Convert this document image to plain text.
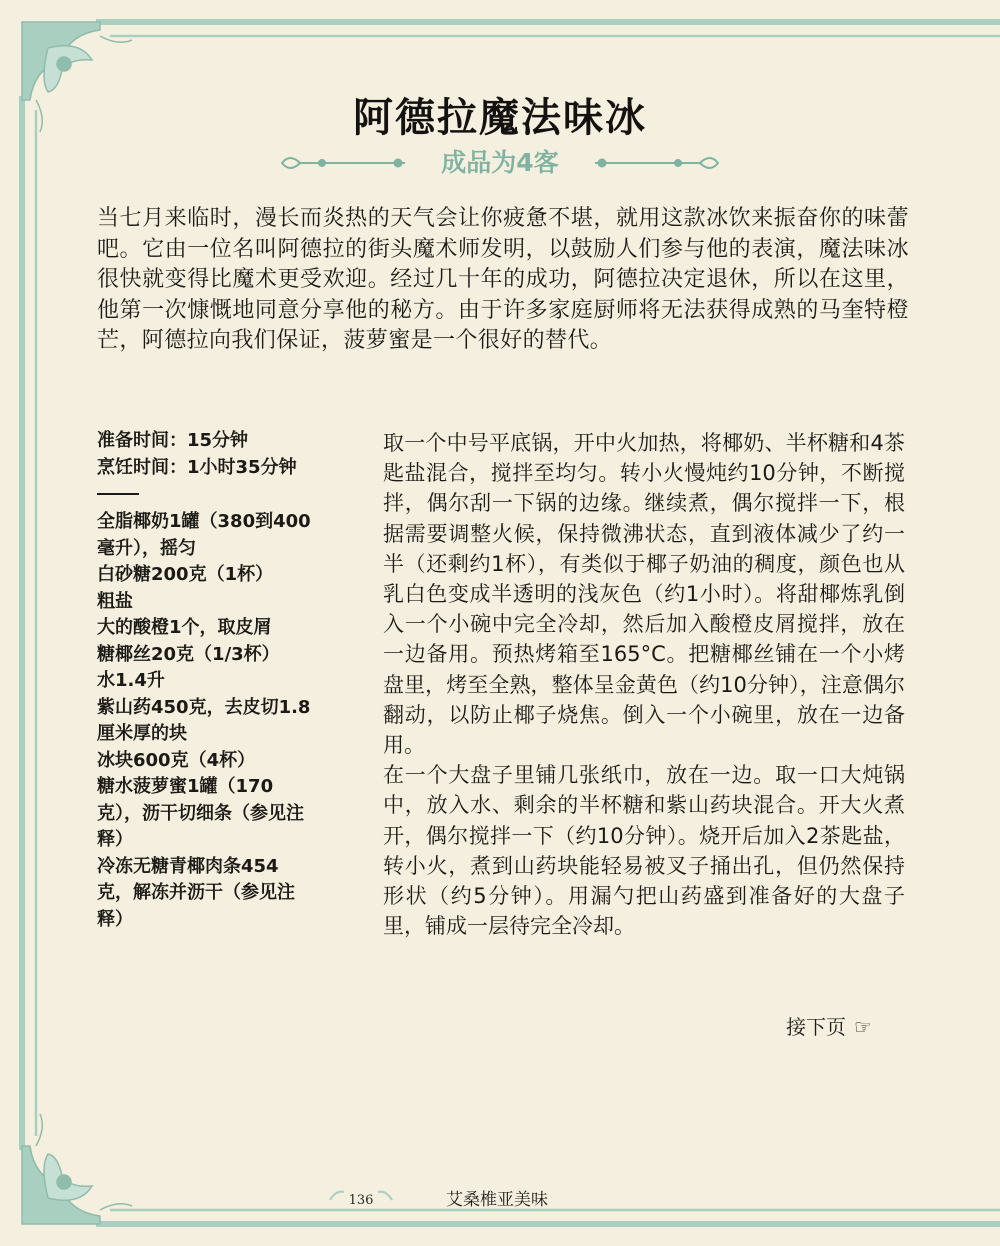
阿德拉魔法味冰
成品为4客

当七月来临时，漫长而炎热的天气会让你疲惫不堪，就用这款冰饮来振奋你的味蕾吧。它由一位名叫阿德拉的街头魔术师发明，以鼓励人们参与他的表演，魔法味冰很快就变得比魔术更受欢迎。经过几十年的成功，阿德拉决定退休，所以在这里，他第一次慷慨地同意分享他的秘方。由于许多家庭厨师将无法获得成熟的马奎特橙芒，阿德拉向我们保证，菠萝蜜是一个很好的替代。

准备时间：15分钟
烹饪时间：1小时35分钟
全脂椰奶1罐（380到400毫升），摇匀
白砂糖200克（1杯）
粗盐
大的酸橙1个，取皮屑
糖椰丝20克（1/3杯）
水1.4升
紫山药450克，去皮切1.8厘米厚的块
冰块600克（4杯）
糖水菠萝蜜1罐（170克），沥干切细条（参见注释）
冷冻无糖青椰肉条454克，解冻并沥干（参见注释）

取一个中号平底锅，开中火加热，将椰奶、半杯糖和4茶匙盐混合，搅拌至均匀。转小火慢炖约10分钟，不断搅拌，偶尔刮一下锅的边缘。继续煮，偶尔搅拌一下，根据需要调整火候，保持微沸状态，直到液体减少了约一半（还剩约1杯），有类似于椰子奶油的稠度，颜色也从乳白色变成半透明的浅灰色（约1小时）。将甜椰炼乳倒入一个小碗中完全冷却，然后加入酸橙皮屑搅拌，放在一边备用。预热烤箱至165°C。把糖椰丝铺在一个小烤盘里，烤至全熟，整体呈金黄色（约10分钟），注意偶尔翻动，以防止椰子烧焦。倒入一个小碗里，放在一边备用。

在一个大盘子里铺几张纸巾，放在一边。取一口大炖锅中，放入水、剩余的半杯糖和紫山药块混合。开大火煮开，偶尔搅拌一下（约10分钟）。烧开后加入2茶匙盐，转小火，煮到山药块能轻易被叉子捅出孔，但仍然保持形状（约5分钟）。用漏勺把山药盛到准备好的大盘子里，铺成一层待完全冷却。

接下页 ☞
136	艾桑椎亚美味
